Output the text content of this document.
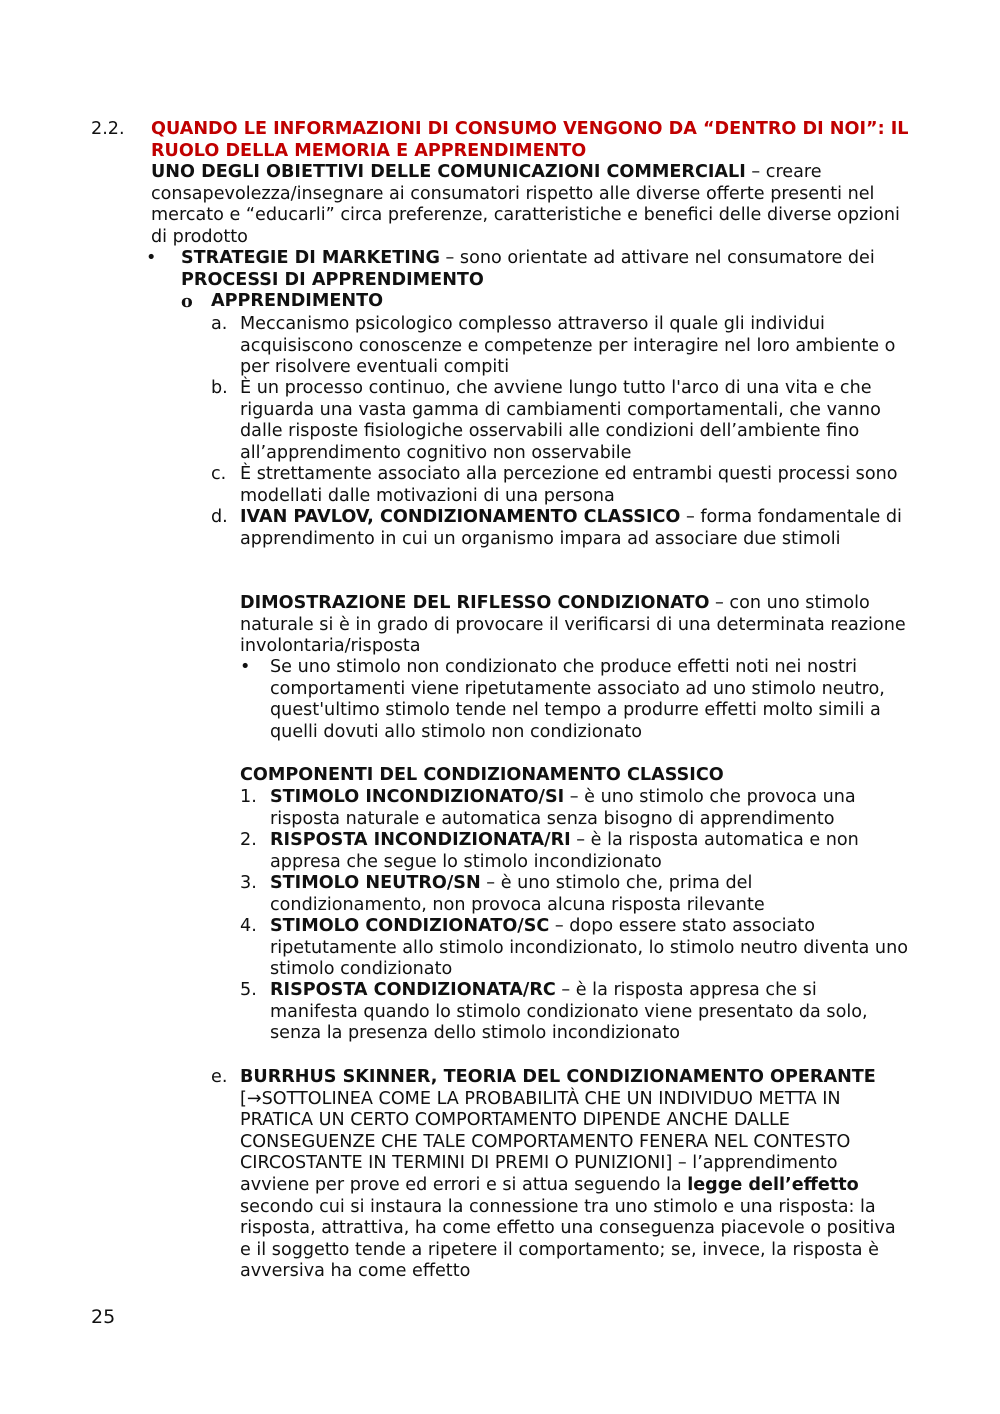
2.2. QUANDO LE INFORMAZIONI DI CONSUMO VENGONO DA “DENTRO DI NOI”: IL RUOLO DELLA MEMORIA E APPRENDIMENTO
UNO DEGLI OBIETTIVI DELLE COMUNICAZIONI COMMERCIALI – creare consapevolezza/insegnare ai consumatori rispetto alle diverse offerte presenti nel mercato e “educarli” circa preferenze, caratteristiche e benefici delle diverse opzioni di prodotto
• STRATEGIE DI MARKETING – sono orientate ad attivare nel consumatore dei PROCESSI DI APPRENDIMENTO
o APPRENDIMENTO
a. Meccanismo psicologico complesso attraverso il quale gli individui acquisiscono conoscenze e competenze per interagire nel loro ambiente o per risolvere eventuali compiti
b. È un processo continuo, che avviene lungo tutto l'arco di una vita e che riguarda una vasta gamma di cambiamenti comportamentali, che vanno dalle risposte fisiologiche osservabili alle condizioni dell’ambiente fino all’apprendimento cognitivo non osservabile
c. È strettamente associato alla percezione ed entrambi questi processi sono modellati dalle motivazioni di una persona
d. IVAN PAVLOV, CONDIZIONAMENTO CLASSICO – forma fondamentale di apprendimento in cui un organismo impara ad associare due stimoli
DIMOSTRAZIONE DEL RIFLESSO CONDIZIONATO – con uno stimolo naturale si è in grado di provocare il verificarsi di una determinata reazione involontaria/risposta
• Se uno stimolo non condizionato che produce effetti noti nei nostri comportamenti viene ripetutamente associato ad uno stimolo neutro, quest'ultimo stimolo tende nel tempo a produrre effetti molto simili a quelli dovuti allo stimolo non condizionato
COMPONENTI DEL CONDIZIONAMENTO CLASSICO
1. STIMOLO INCONDIZIONATO/SI – è uno stimolo che provoca una risposta naturale e automatica senza bisogno di apprendimento
2. RISPOSTA INCONDIZIONATA/RI – è la risposta automatica e non appresa che segue lo stimolo incondizionato
3. STIMOLO NEUTRO/SN – è uno stimolo che, prima del condizionamento, non provoca alcuna risposta rilevante
4. STIMOLO CONDIZIONATO/SC – dopo essere stato associato ripetutamente allo stimolo incondizionato, lo stimolo neutro diventa uno stimolo condizionato
5. RISPOSTA CONDIZIONATA/RC – è la risposta appresa che si manifesta quando lo stimolo condizionato viene presentato da solo, senza la presenza dello stimolo incondizionato
e. BURRHUS SKINNER, TEORIA DEL CONDIZIONAMENTO OPERANTE [→SOTTOLINEA COME LA PROBABILITÀ CHE UN INDIVIDUO METTA IN PRATICA UN CERTO COMPORTAMENTO DIPENDE ANCHE DALLE CONSEGUENZE CHE TALE COMPORTAMENTO FENERA NEL CONTESTO CIRCOSTANTE IN TERMINI DI PREMI O PUNIZIONI] – l’apprendimento avviene per prove ed errori e si attua seguendo la legge dell’effetto secondo cui si instaura la connessione tra uno stimolo e una risposta: la risposta, attrattiva, ha come effetto una conseguenza piacevole o positiva e il soggetto tende a ripetere il comportamento; se, invece, la risposta è avversiva ha come effetto
25
